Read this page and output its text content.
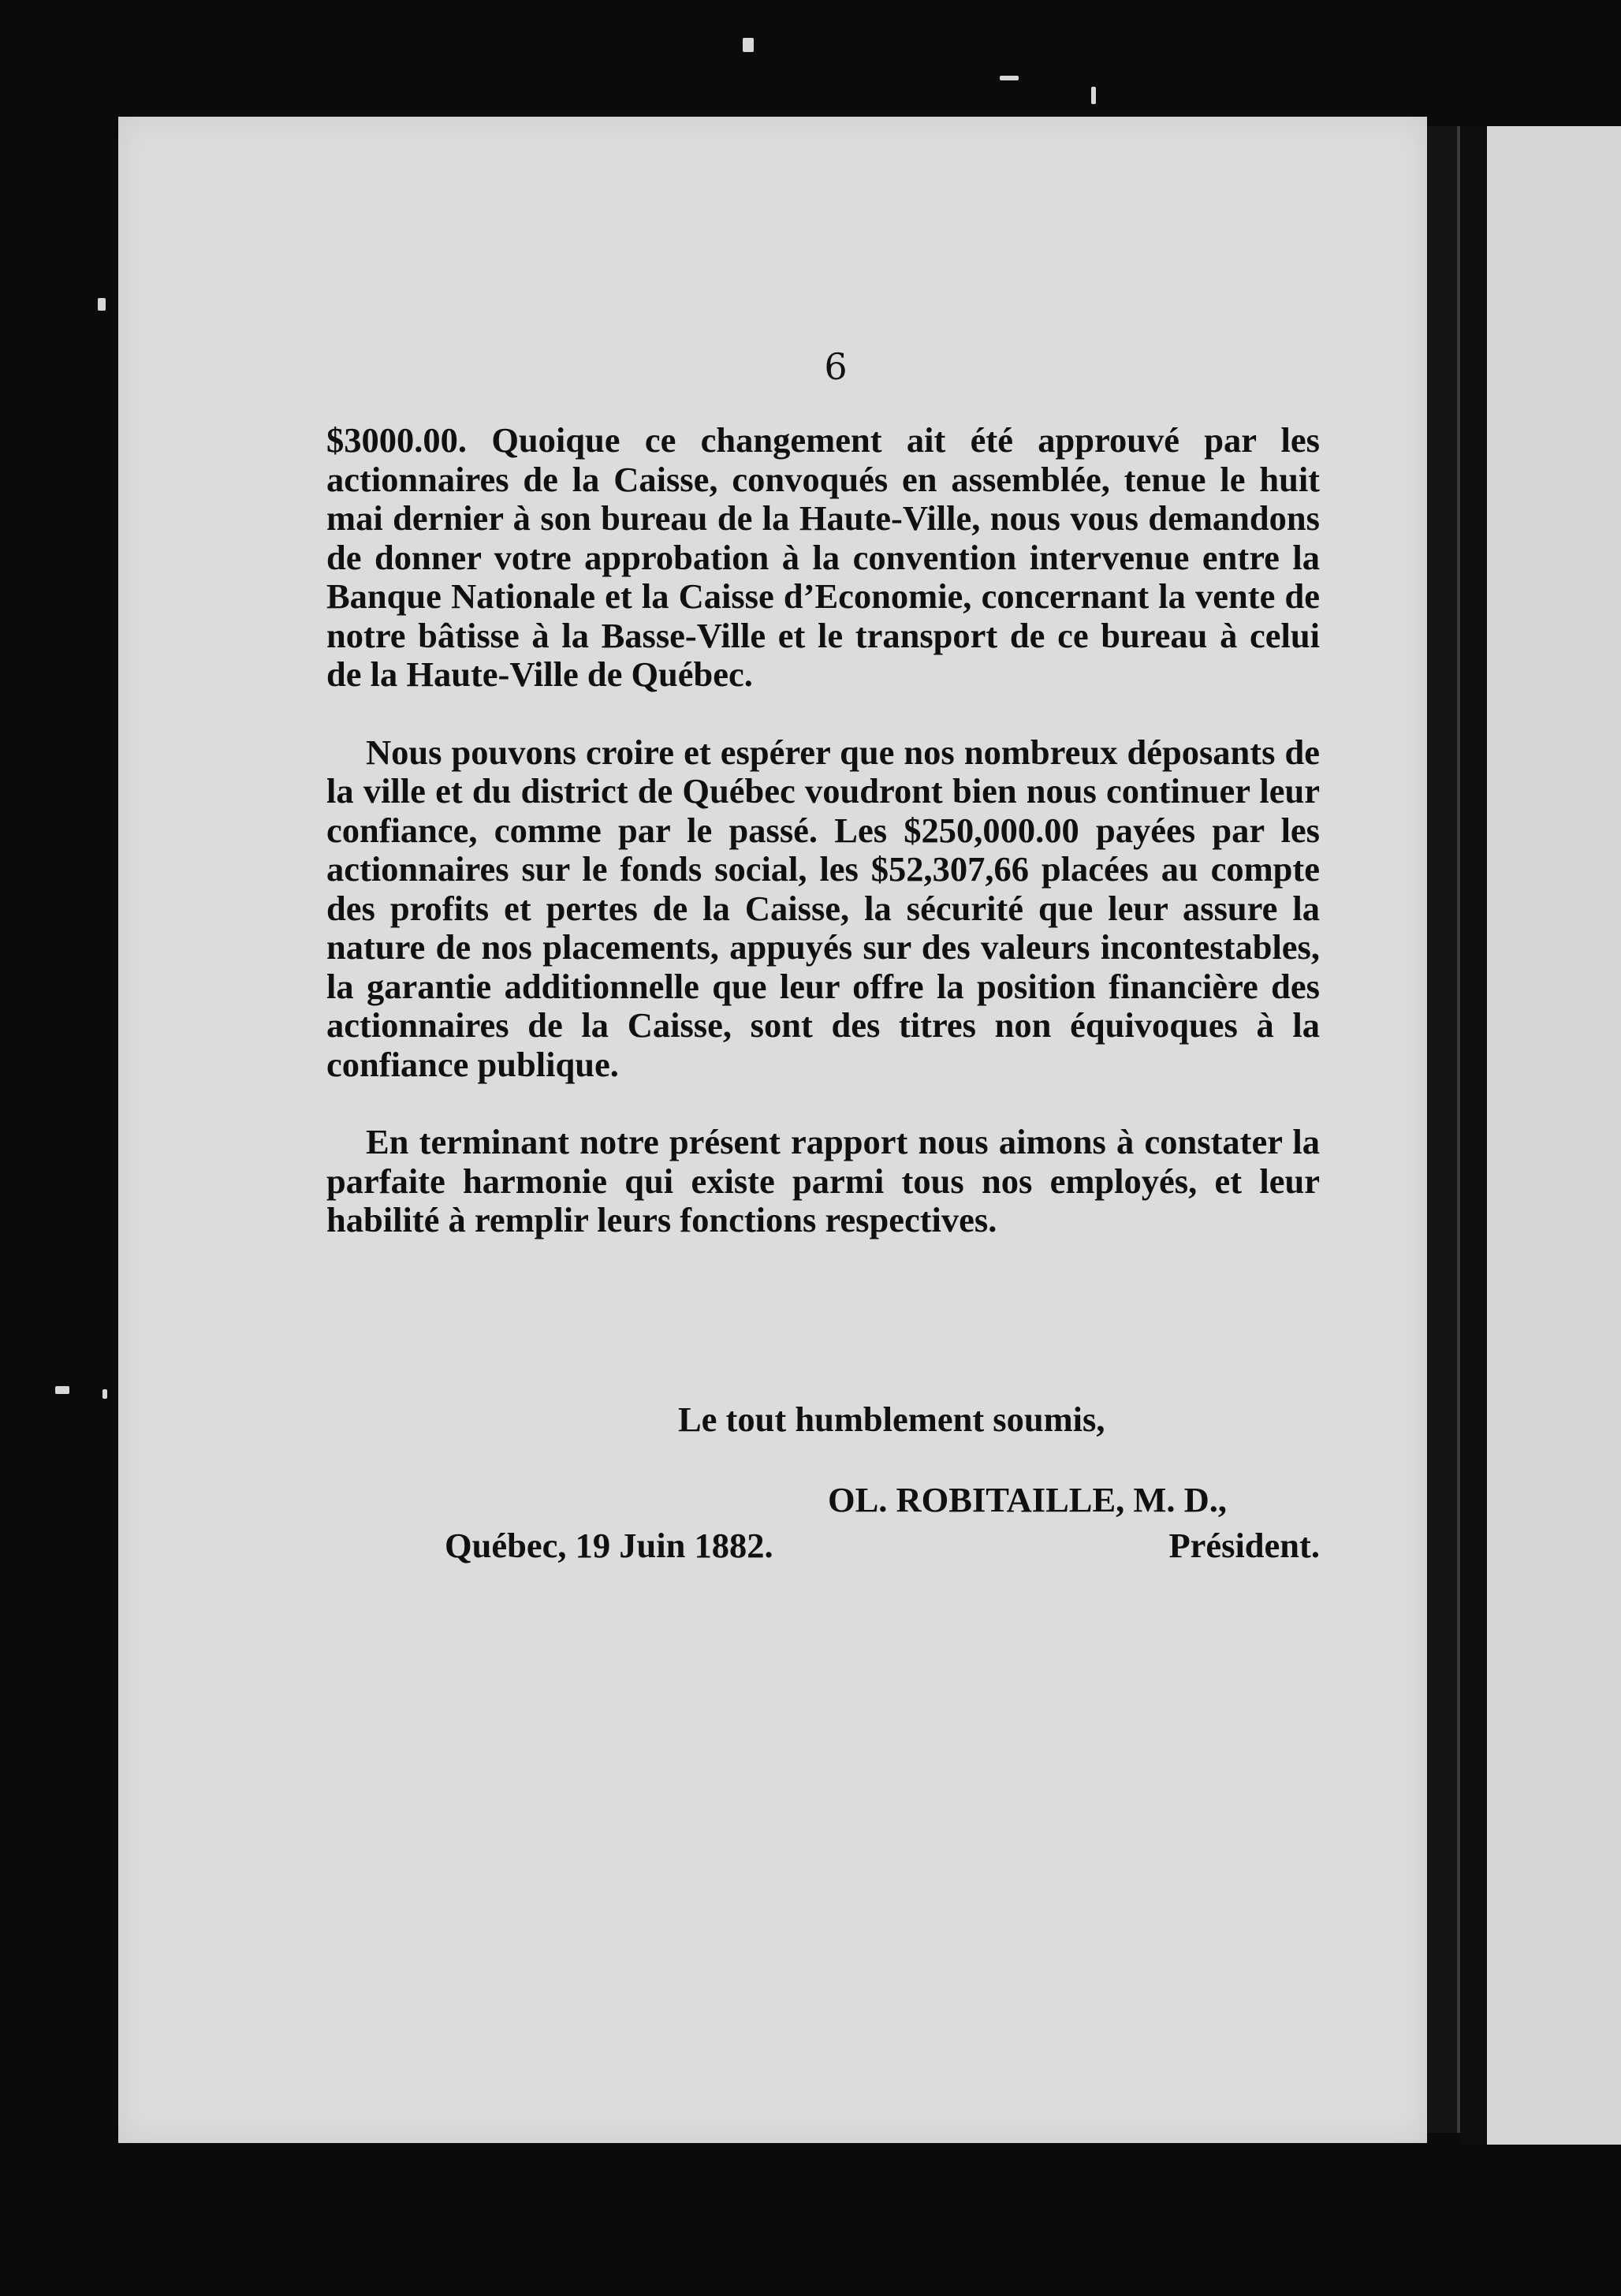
6

$3000.00. Quoique ce changement ait été approuvé par les actionnaires de la Caisse, convoqués en assemblée, tenue le huit mai dernier à son bureau de la Haute-Ville, nous vous demandons de donner votre approbation à la convention intervenue entre la Banque Nationale et la Caisse d’Economie, concernant la vente de notre bâtisse à la Basse-Ville et le transport de ce bureau à celui de la Haute-Ville de Québec.

Nous pouvons croire et espérer que nos nombreux déposants de la ville et du district de Québec voudront bien nous continuer leur confiance, comme par le passé. Les $250,000.00 payées par les actionnaires sur le fonds social, les $52,307,66 placées au compte des profits et pertes de la Caisse, la sécurité que leur assure la nature de nos placements, appuyés sur des valeurs incontestables, la garantie additionnelle que leur offre la position financière des actionnaires de la Caisse, sont des titres non équivoques à la confiance publique.

En terminant notre présent rapport nous aimons à constater la parfaite harmonie qui existe parmi tous nos employés, et leur habilité à remplir leurs fonctions respectives.

Le tout humblement soumis,
OL. ROBITAILLE, M. D.,
Québec, 19 Juin 1882.	Président.
